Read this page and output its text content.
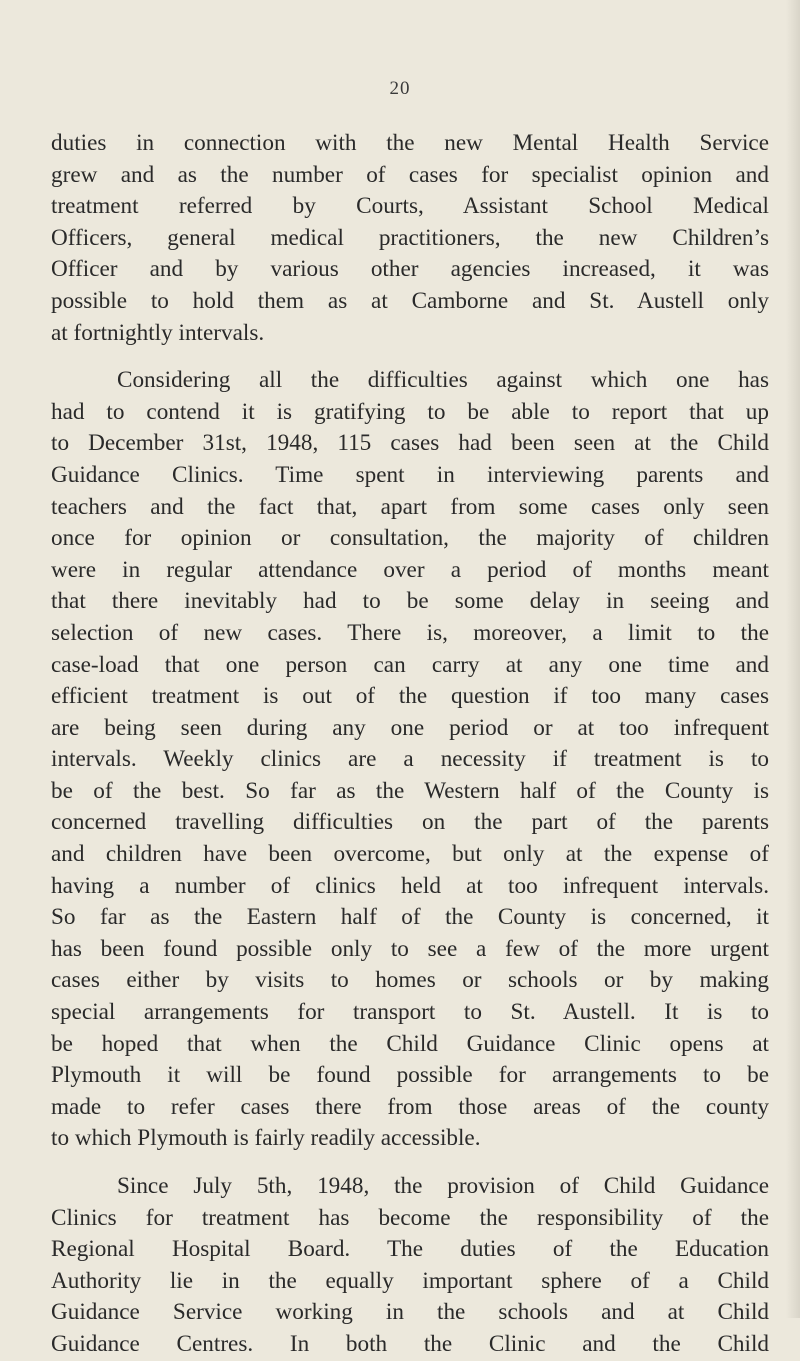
20

duties in connection with the new Mental Health Service
grew and as the number of cases for specialist opinion and
treatment referred by Courts, Assistant School Medical
Officers, general medical practitioners, the new Children’s
Officer and by various other agencies increased, it was
possible to hold them as at Camborne and St. Austell only
at fortnightly intervals.

Considering all the difficulties against which one has
had to contend it is gratifying to be able to report that up
to December 31st, 1948, 115 cases had been seen at the Child
Guidance Clinics. Time spent in interviewing parents and
teachers and the fact that, apart from some cases only seen
once for opinion or consultation, the majority of children
were in regular attendance over a period of months meant
that there inevitably had to be some delay in seeing and
selection of new cases. There is, moreover, a limit to the
case-load that one person can carry at any one time and
efficient treatment is out of the question if too many cases
are being seen during any one period or at too infrequent
intervals. Weekly clinics are a necessity if treatment is to
be of the best. So far as the Western half of the County is
concerned travelling difficulties on the part of the parents
and children have been overcome, but only at the expense of
having a number of clinics held at too infrequent intervals.
So far as the Eastern half of the County is concerned, it
has been found possible only to see a few of the more urgent
cases either by visits to homes or schools or by making
special arrangements for transport to St. Austell. It is to
be hoped that when the Child Guidance Clinic opens at
Plymouth it will be found possible for arrangements to be
made to refer cases there from those areas of the county
to which Plymouth is fairly readily accessible.

Since July 5th, 1948, the provision of Child Guidance
Clinics for treatment has become the responsibility of the
Regional Hospital Board. The duties of the Education
Authority lie in the equally important sphere of a Child
Guidance Service working in the schools and at Child
Guidance Centres. In both the Clinic and the Child
